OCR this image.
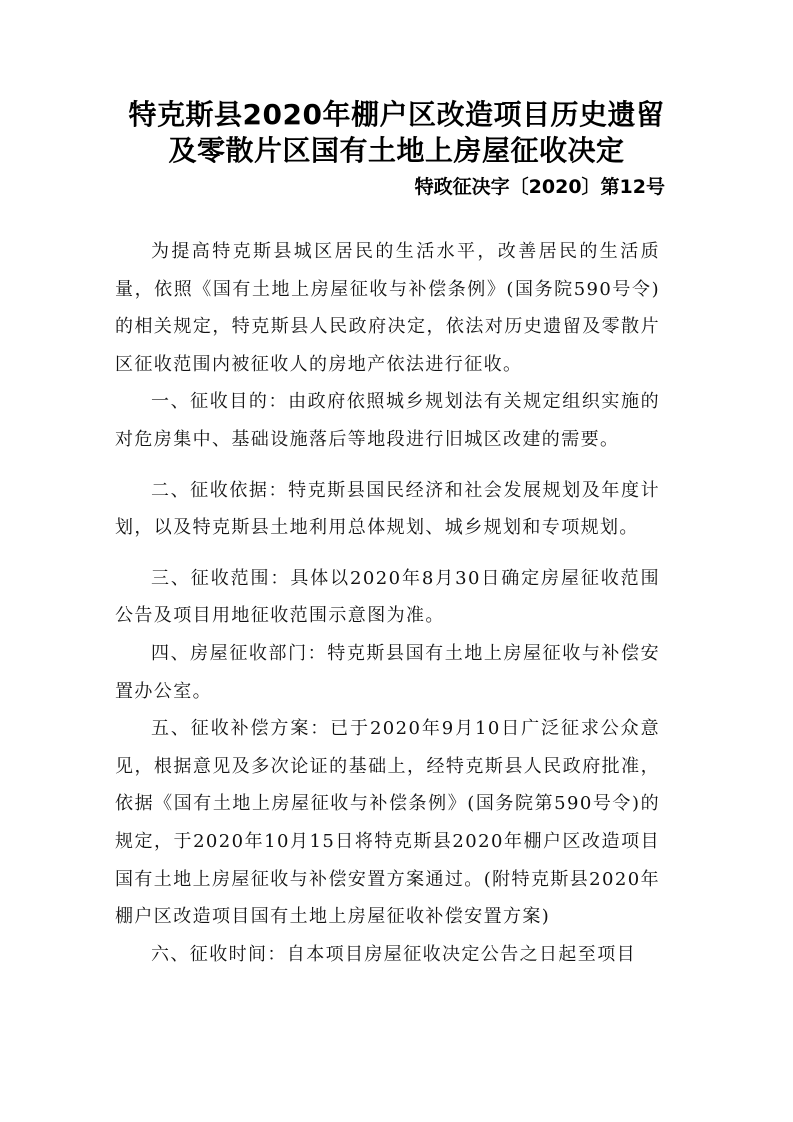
特克斯县2020年棚户区改造项目历史遗留
及零散片区国有土地上房屋征收决定
特政征决字〔2020〕第12号

为提高特克斯县城区居民的生活水平，改善居民的生活质量，依照《国有土地上房屋征收与补偿条例》(国务院590号令)的相关规定，特克斯县人民政府决定，依法对历史遗留及零散片区征收范围内被征收人的房地产依法进行征收。

一、征收目的：由政府依照城乡规划法有关规定组织实施的对危房集中、基础设施落后等地段进行旧城区改建的需要。

二、征收依据：特克斯县国民经济和社会发展规划及年度计划，以及特克斯县土地利用总体规划、城乡规划和专项规划。

三、征收范围：具体以2020年8月30日确定房屋征收范围公告及项目用地征收范围示意图为准。

四、房屋征收部门：特克斯县国有土地上房屋征收与补偿安置办公室。

五、征收补偿方案：已于2020年9月10日广泛征求公众意见，根据意见及多次论证的基础上，经特克斯县人民政府批准，依据《国有土地上房屋征收与补偿条例》(国务院第590号令)的规定，于2020年10月15日将特克斯县2020年棚户区改造项目国有土地上房屋征收与补偿安置方案通过。(附特克斯县2020年棚户区改造项目国有土地上房屋征收补偿安置方案)

六、征收时间：自本项目房屋征收决定公告之日起至项目
